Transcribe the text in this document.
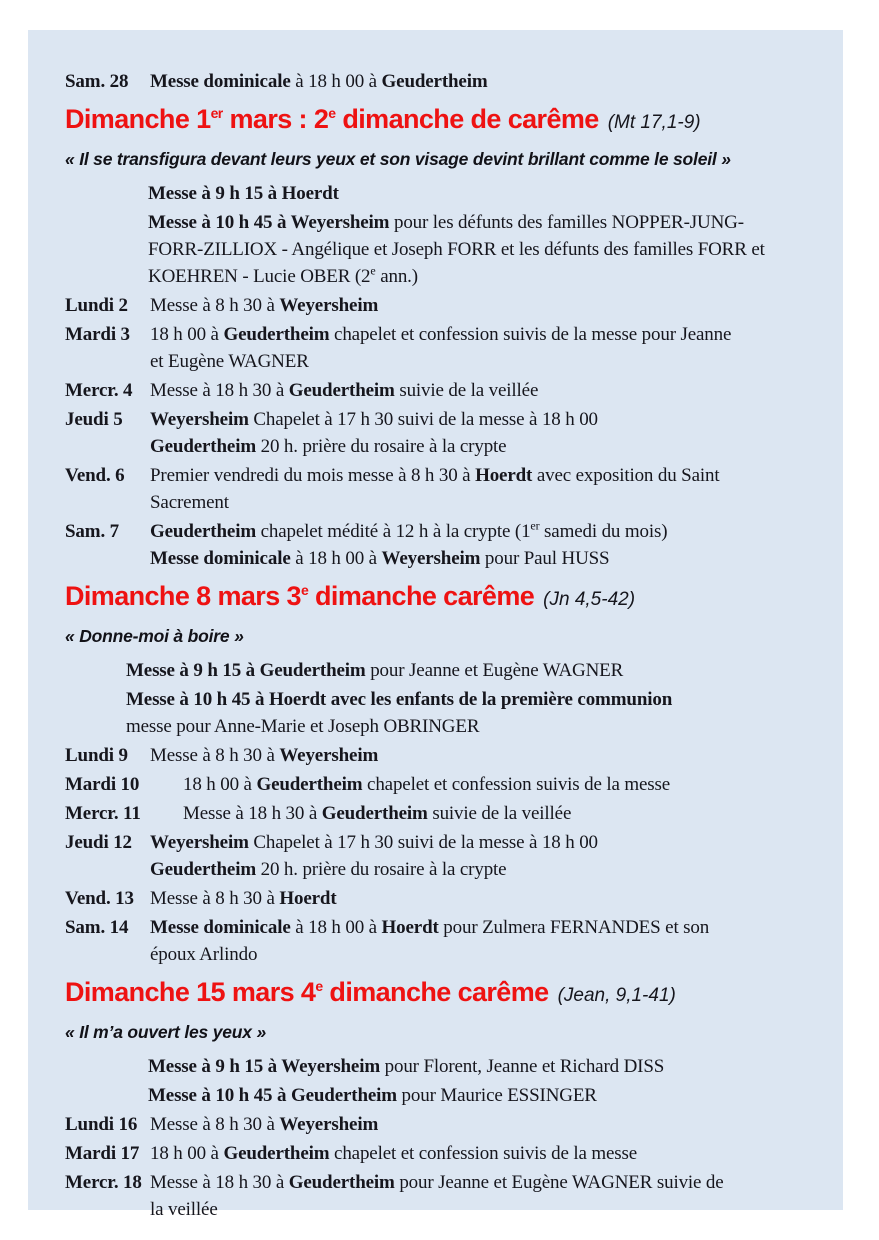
Sam. 28	Messe dominicale à 18 h 00 à Geudertheim
Dimanche 1er mars : 2e dimanche de carême (Mt 17,1-9)
« Il se transfigura devant leurs yeux et son visage devint brillant comme le soleil »
Messe à 9 h 15 à Hoerdt
Messe à 10 h 45 à Weyersheim pour les défunts des familles NOPPER-JUNG-
FORR-ZILLIOX - Angélique et Joseph FORR et les défunts des familles FORR et
KOEHREN - Lucie OBER (2e ann.)
Lundi 2	Messe à 8 h 30 à Weyersheim
Mardi 3	18 h 00 à Geudertheim chapelet et confession suivis de la messe pour Jeanne
et Eugène WAGNER
Mercr. 4 Messe à 18 h 30 à Geudertheim suivie de la veillée
Jeudi 5	Weyersheim Chapelet à 17 h 30 suivi de la messe à 18 h 00
Geudertheim 20 h. prière du rosaire à la crypte
Vend. 6	Premier vendredi du mois messe à 8 h 30 à Hoerdt avec exposition du Saint
Sacrement
Sam. 7	Geudertheim chapelet médité à 12 h à la crypte (1er samedi du mois)
Messe dominicale à 18 h 00 à Weyersheim pour Paul HUSS
Dimanche 8 mars 3e dimanche carême (Jn 4,5-42)
« Donne-moi à boire »
Messe à 9 h 15 à Geudertheim pour Jeanne et Eugène WAGNER
Messe à 10 h 45 à Hoerdt avec les enfants de la première communion
messe pour Anne-Marie et Joseph OBRINGER
Lundi 9	Messe à 8 h 30 à Weyersheim
Mardi 10	18 h 00 à Geudertheim chapelet et confession suivis de la messe
Mercr. 11	Messe à 18 h 30 à Geudertheim suivie de la veillée
Jeudi 12 Weyersheim Chapelet à 17 h 30 suivi de la messe à 18 h 00
Geudertheim 20 h. prière du rosaire à la crypte
Vend. 13 Messe à 8 h 30 à Hoerdt
Sam. 14	Messe dominicale à 18 h 00 à Hoerdt pour Zulmera FERNANDES et son
époux Arlindo
Dimanche 15 mars 4e dimanche carême (Jean, 9,1-41)
« Il m’a ouvert les yeux »
Messe à 9 h 15 à Weyersheim pour Florent, Jeanne et Richard DISS
Messe à 10 h 45 à Geudertheim pour Maurice ESSINGER
Lundi 16 Messe à 8 h 30 à Weyersheim
Mardi 17 18 h 00 à Geudertheim chapelet et confession suivis de la messe
Mercr. 18 Messe à 18 h 30 à Geudertheim pour Jeanne et Eugène WAGNER suivie de
la veillée
